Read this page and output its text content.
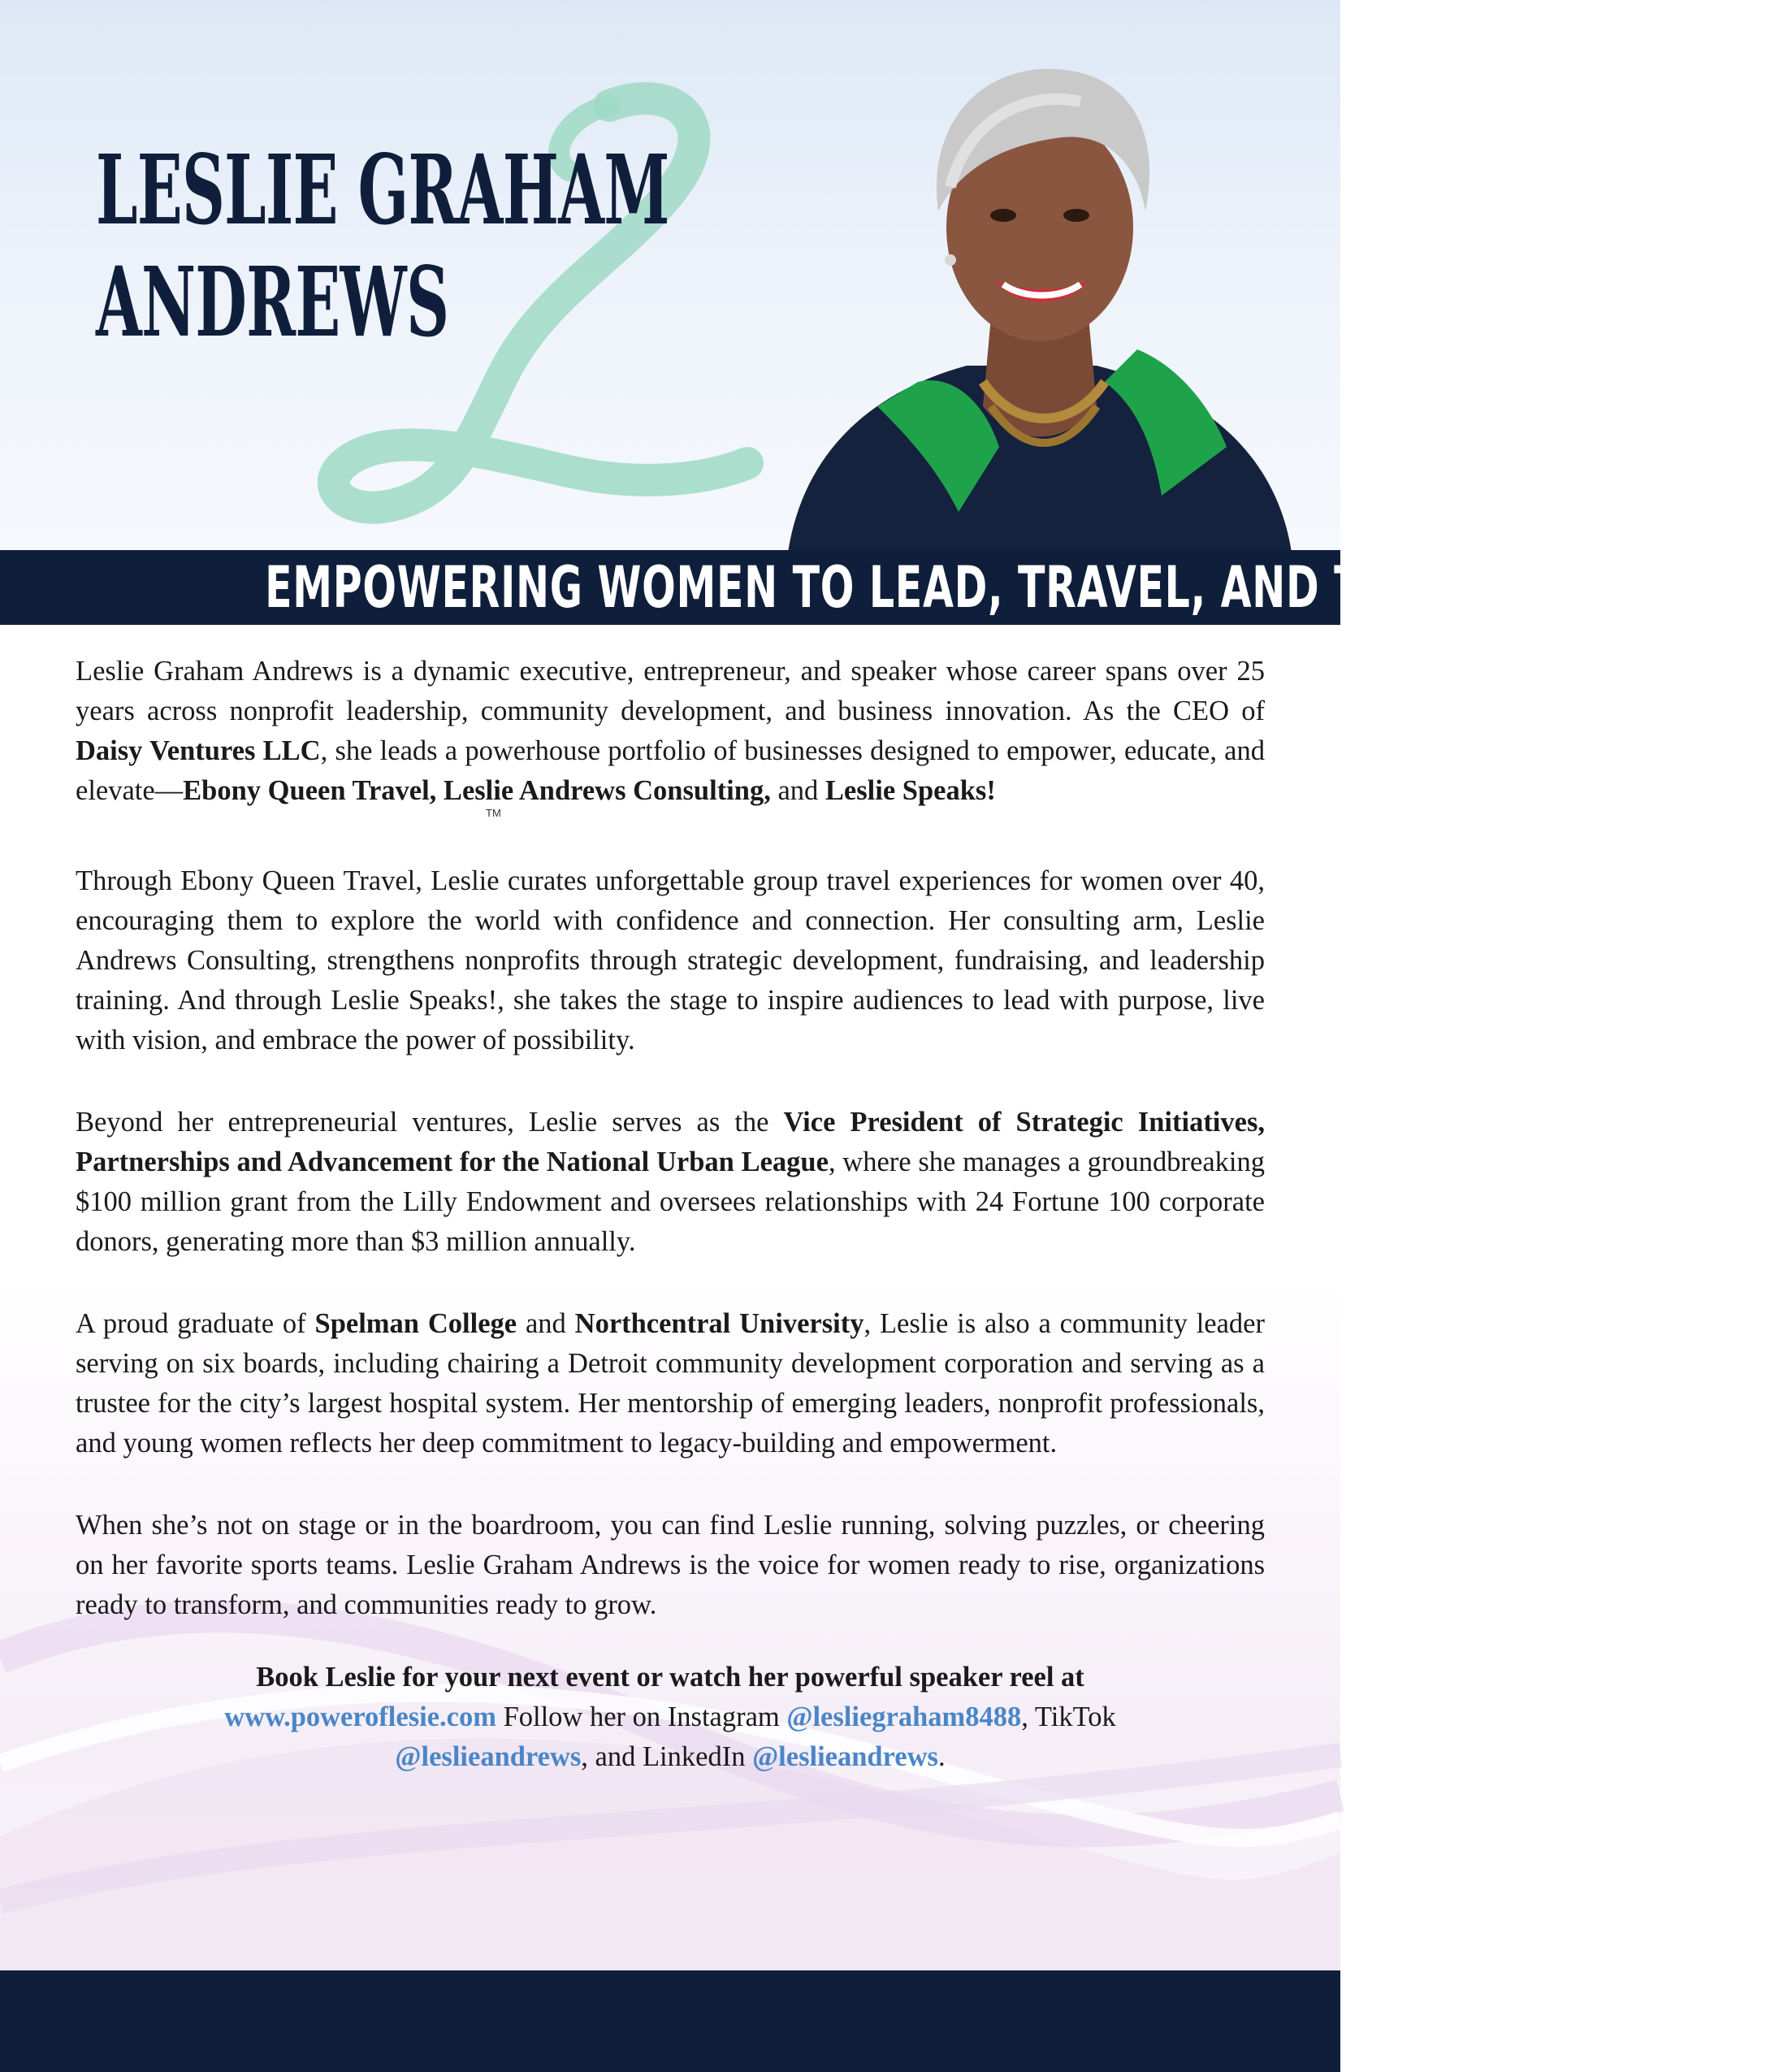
LESLIE GRAHAM
ANDREWS
EMPOWERING WOMEN TO LEAD, TRAVEL, AND THRIVE

Leslie Graham Andrews is a dynamic executive, entrepreneur, and speaker whose career spans over 25 years across nonprofit leadership, community development, and business innovation. As the CEO of Daisy Ventures LLC, she leads a powerhouse portfolio of businesses designed to empower, educate, and elevate—Ebony Queen Travel, Leslie Andrews Consulting, and Leslie Speaks!
TM

Through Ebony Queen Travel, Leslie curates unforgettable group travel experiences for women over 40, encouraging them to explore the world with confidence and connection. Her consulting arm, Leslie Andrews Consulting, strengthens nonprofits through strategic development, fundraising, and leadership training. And through Leslie Speaks!, she takes the stage to inspire audiences to lead with purpose, live with vision, and embrace the power of possibility.

Beyond her entrepreneurial ventures, Leslie serves as the Vice President of Strategic Initiatives, Partnerships and Advancement for the National Urban League, where she manages a groundbreaking $100 million grant from the Lilly Endowment and oversees relationships with 24 Fortune 100 corporate donors, generating more than $3 million annually.

A proud graduate of Spelman College and Northcentral University, Leslie is also a community leader serving on six boards, including chairing a Detroit community development corporation and serving as a trustee for the city’s largest hospital system. Her mentorship of emerging leaders, nonprofit professionals, and young women reflects her deep commitment to legacy-building and empowerment.

When she’s not on stage or in the boardroom, you can find Leslie running, solving puzzles, or cheering on her favorite sports teams. Leslie Graham Andrews is the voice for women ready to rise, organizations ready to transform, and communities ready to grow.

Book Leslie for your next event or watch her powerful speaker reel at
www.poweroflesie.com Follow her on Instagram @lesliegraham8488, TikTok
@leslieandrews, and LinkedIn @leslieandrews.
